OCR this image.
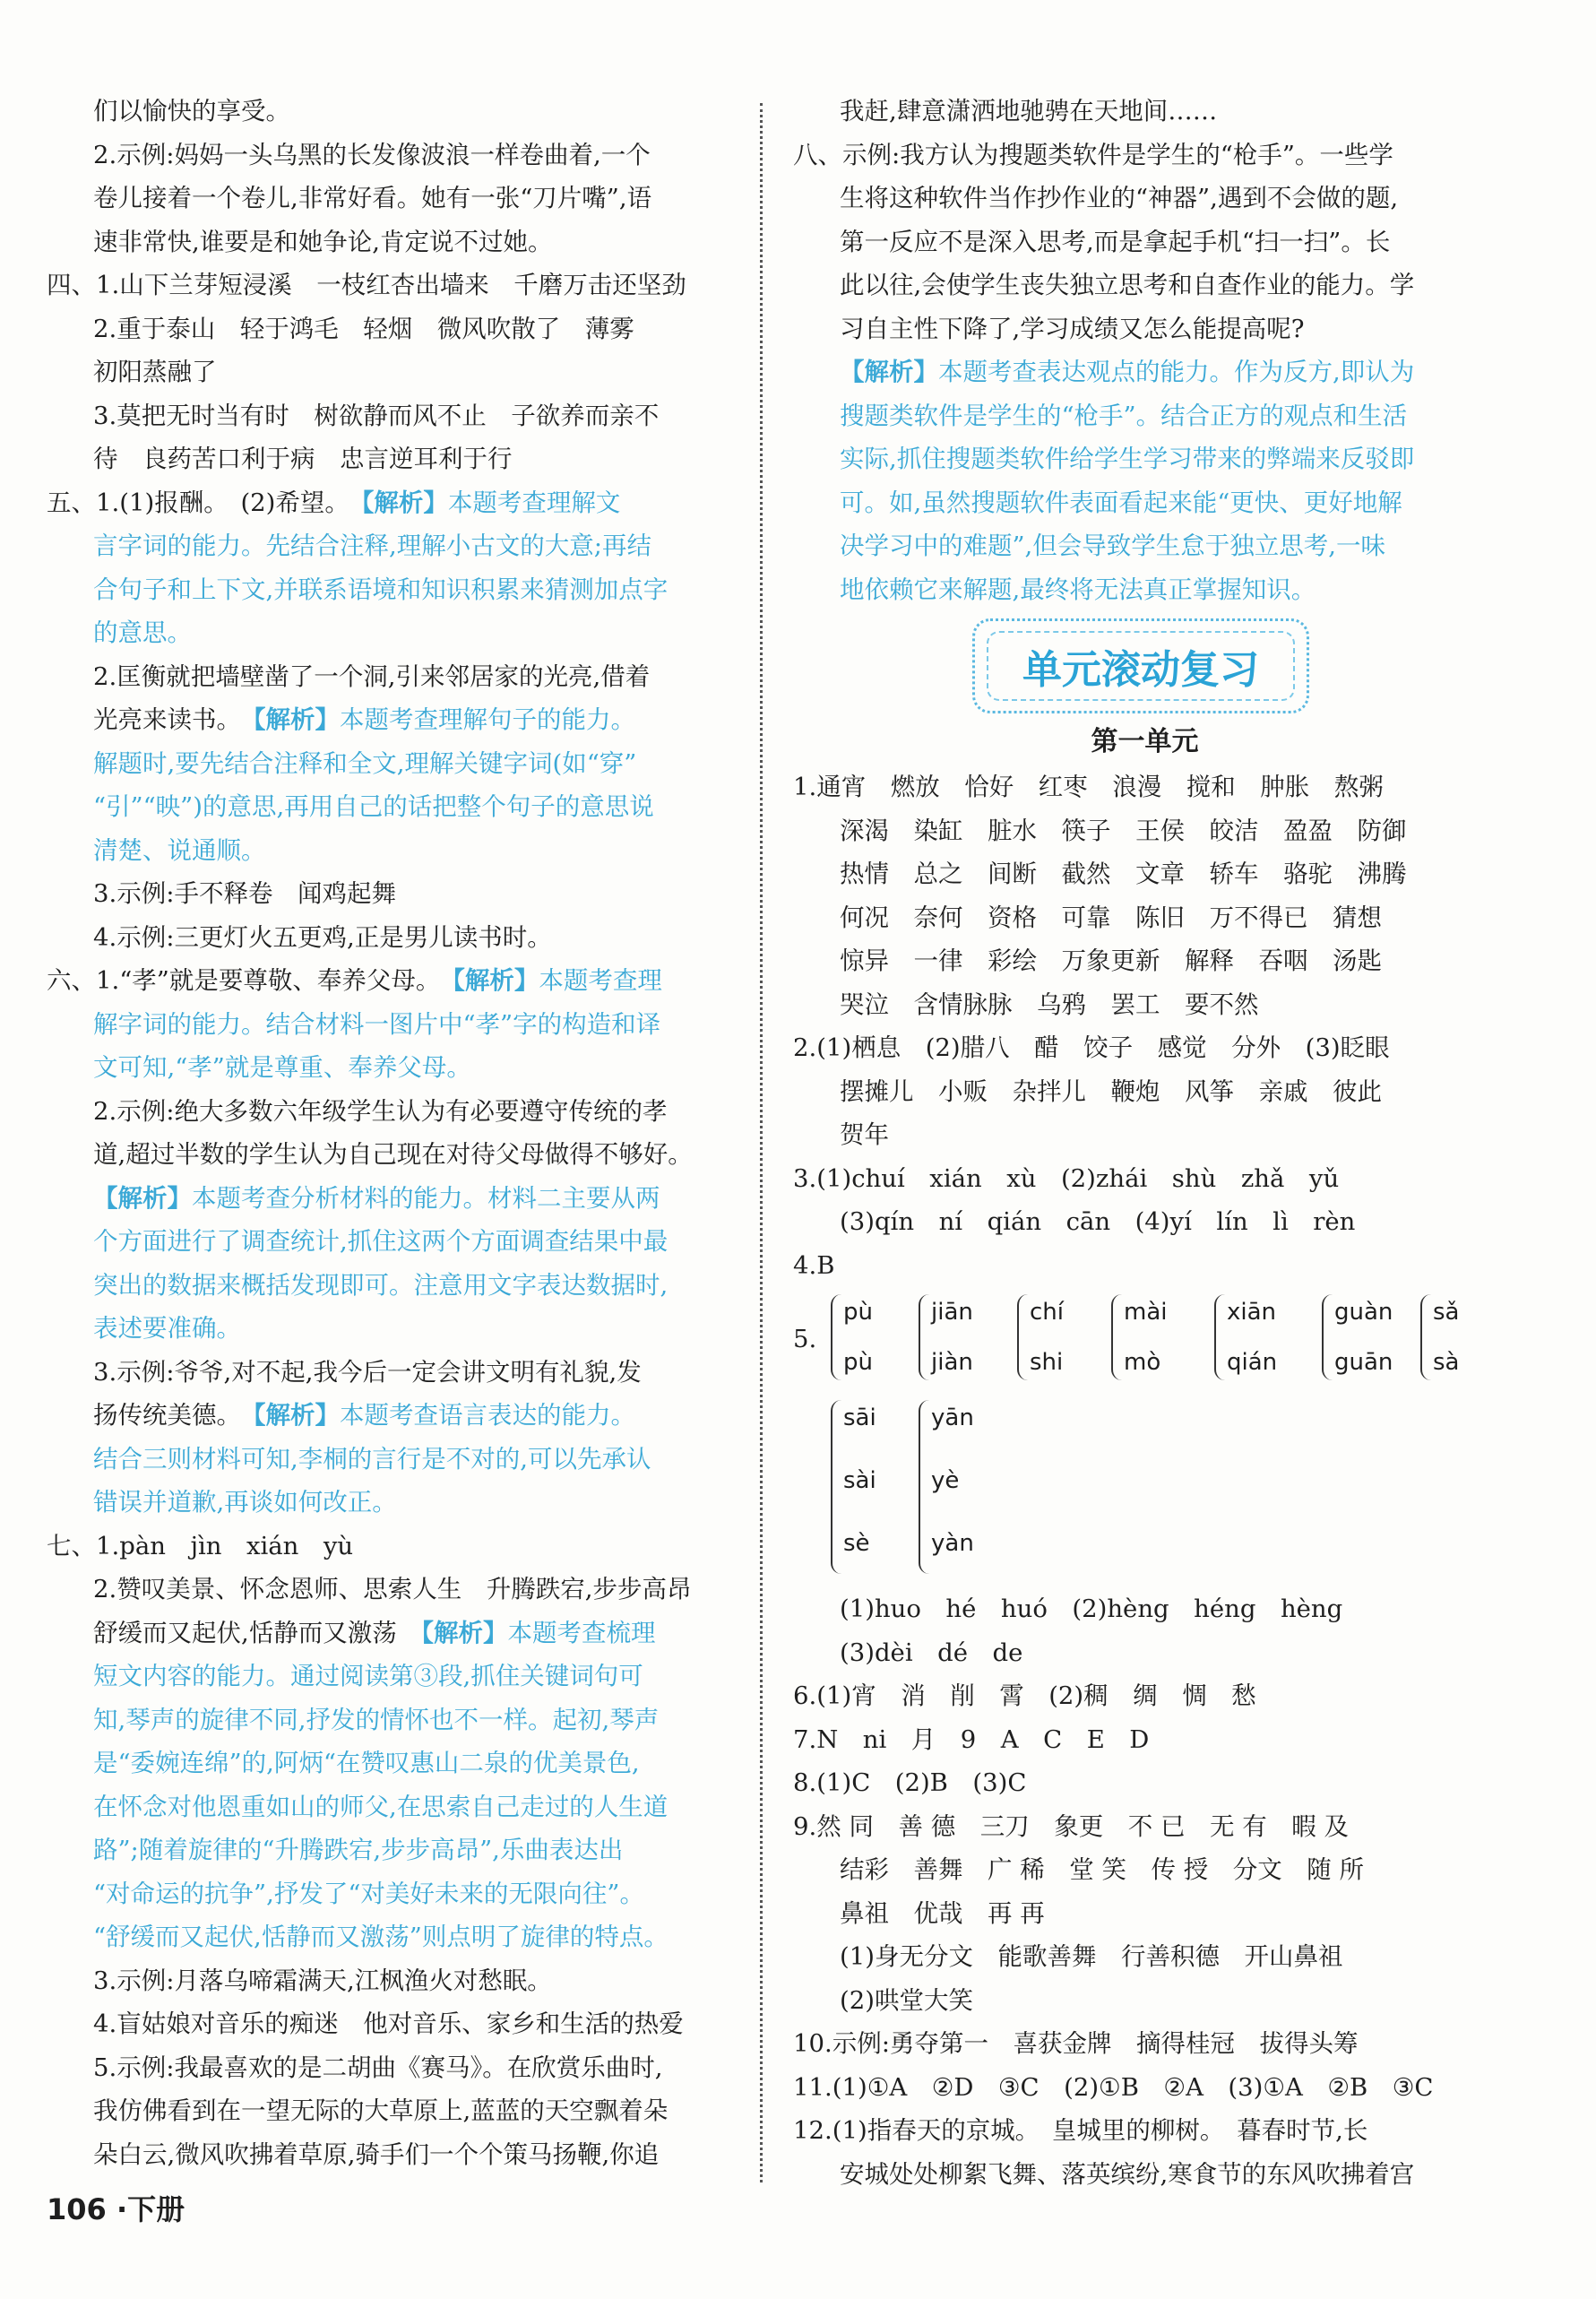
们以愉快的享受。
2.示例:妈妈一头乌黑的长发像波浪一样卷曲着,一个
卷儿接着一个卷儿,非常好看。她有一张“刀片嘴”,语
速非常快,谁要是和她争论,肯定说不过她。
四、1.山下兰芽短浸溪　一枝红杏出墙来　千磨万击还坚劲
2.重于泰山　轻于鸿毛　轻烟　微风吹散了　薄雾
初阳蒸融了
3.莫把无时当有时　树欲静而风不止　子欲养而亲不
待　良药苦口利于病　忠言逆耳利于行
五、1.(1)报酬。　(2)希望。　【解析】本题考查理解文
言字词的能力。先结合注释,理解小古文的大意;再结
合句子和上下文,并联系语境和知识积累来猜测加点字
的意思。
2.匡衡就把墙壁凿了一个洞,引来邻居家的光亮,借着
光亮来读书。　【解析】本题考查理解句子的能力。
解题时,要先结合注释和全文,理解关键字词(如“穿”
“引”“映”)的意思,再用自己的话把整个句子的意思说
清楚、说通顺。
3.示例:手不释卷　闻鸡起舞
4.示例:三更灯火五更鸡,正是男儿读书时。
六、1.“孝”就是要尊敬、奉养父母。　【解析】本题考查理
解字词的能力。结合材料一图片中“孝”字的构造和译
文可知,“孝”就是尊重、奉养父母。
2.示例:绝大多数六年级学生认为有必要遵守传统的孝
道,超过半数的学生认为自己现在对待父母做得不够好。
【解析】本题考查分析材料的能力。材料二主要从两
个方面进行了调查统计,抓住这两个方面调查结果中最
突出的数据来概括发现即可。注意用文字表达数据时,
表述要准确。
3.示例:爷爷,对不起,我今后一定会讲文明有礼貌,发
扬传统美德。　【解析】本题考查语言表达的能力。
结合三则材料可知,李桐的言行是不对的,可以先承认
错误并道歉,再谈如何改正。
七、1.pàn　jìn　xián　yù
2.赞叹美景、怀念恩师、思索人生　升腾跌宕,步步高昂
舒缓而又起伏,恬静而又激荡　【解析】本题考查梳理
短文内容的能力。通过阅读第③段,抓住关键词句可
知,琴声的旋律不同,抒发的情怀也不一样。起初,琴声
是“委婉连绵”的,阿炳“在赞叹惠山二泉的优美景色,
在怀念对他恩重如山的师父,在思索自己走过的人生道
路”;随着旋律的“升腾跌宕,步步高昂”,乐曲表达出
“对命运的抗争”,抒发了“对美好未来的无限向往”。
“舒缓而又起伏,恬静而又激荡”则点明了旋律的特点。
3.示例:月落乌啼霜满天,江枫渔火对愁眠。
4.盲姑娘对音乐的痴迷　他对音乐、家乡和生活的热爱
5.示例:我最喜欢的是二胡曲《赛马》。在欣赏乐曲时,
我仿佛看到在一望无际的大草原上,蓝蓝的天空飘着朵
朵白云,微风吹拂着草原,骑手们一个个策马扬鞭,你追
我赶,肆意潇洒地驰骋在天地间……
八、示例:我方认为搜题类软件是学生的“枪手”。一些学
生将这种软件当作抄作业的“神器”,遇到不会做的题,
第一反应不是深入思考,而是拿起手机“扫一扫”。长
此以往,会使学生丧失独立思考和自查作业的能力。学
习自主性下降了,学习成绩又怎么能提高呢?
【解析】本题考查表达观点的能力。作为反方,即认为
搜题类软件是学生的“枪手”。结合正方的观点和生活
实际,抓住搜题类软件给学生学习带来的弊端来反驳即
可。如,虽然搜题软件表面看起来能“更快、更好地解
决学习中的难题”,但会导致学生怠于独立思考,一味
地依赖它来解题,最终将无法真正掌握知识。
单元滚动复习
第一单元
1.通宵　燃放　恰好　红枣　浪漫　搅和　肿胀　熬粥
深渴　染缸　脏水　筷子　王侯　皎洁　盈盈　防御
热情　总之　间断　截然　文章　轿车　骆驼　沸腾
何况　奈何　资格　可靠　陈旧　万不得已　猜想
惊异　一律　彩绘　万象更新　解释　吞咽　汤匙
哭泣　含情脉脉　乌鸦　罢工　要不然
2.(1)栖息　(2)腊八　醋　饺子　感觉　分外　(3)眨眼
摆摊儿　小贩　杂拌儿　鞭炮　风筝　亲戚　彼此
贺年
3.(1)chuí　xián　xù　(2)zhái　shù　zhǎ　yǔ
(3)qín　ní　qián　cān　(4)yí　lín　lì　rèn
4.B
5.
pù
pù
jiān
jiàn
chí
shi
mài
mò
xiān
qián
guàn
guān
sǎ
sà
sāi
sài
sè
yān
yè
yàn
(1)huo　hé　huó　(2)hèng　héng　hèng
(3)dèi　dé　de
6.(1)宵　消　削　霄　(2)稠　绸　惆　愁
7.N　ni　月　9　A　C　E　D
8.(1)C　(2)B　(3)C
9.然 同　善 德　三刀　象更　不 已　无 有　暇 及
结彩　善舞　广 稀　堂 笑　传 授　分文　随 所
鼻祖　优哉　再 再
(1)身无分文　能歌善舞　行善积德　开山鼻祖
(2)哄堂大笑
10.示例:勇夺第一　喜获金牌　摘得桂冠　拔得头筹
11.(1)①A　②D　③C　(2)①B　②A　(3)①A　②B　③C
12.(1)指春天的京城。　皇城里的柳树。　暮春时节,长
安城处处柳絮飞舞、落英缤纷,寒食节的东风吹拂着宫
106 ·下册
